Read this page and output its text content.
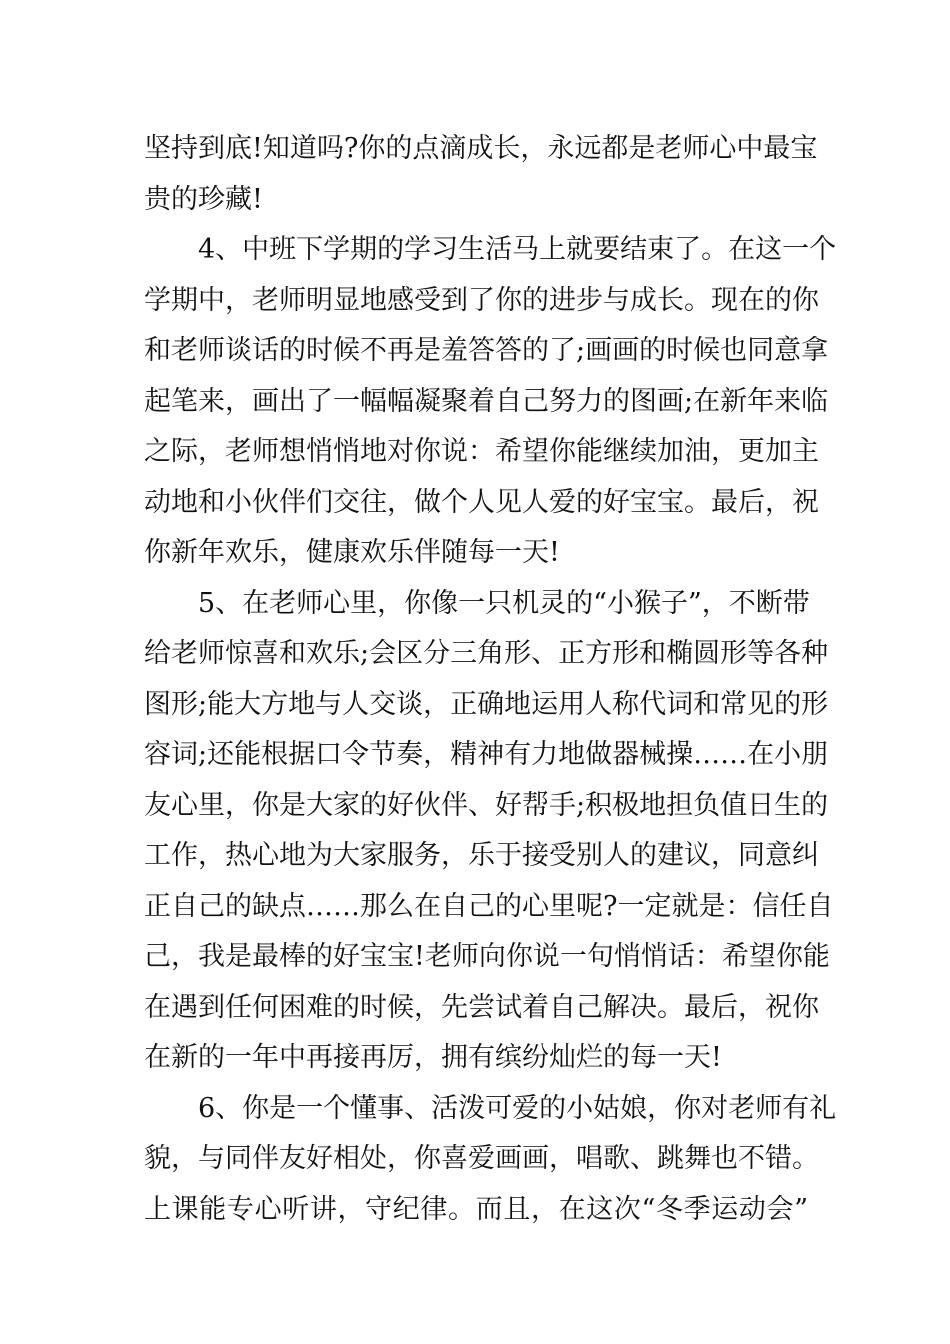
坚持到底!知道吗?你的点滴成长，永远都是老师心中最宝
贵的珍藏!
4、中班下学期的学习生活马上就要结束了。在这一个
学期中，老师明显地感受到了你的进步与成长。现在的你
和老师谈话的时候不再是羞答答的了;画画的时候也同意拿
起笔来，画出了一幅幅凝聚着自己努力的图画;在新年来临
之际，老师想悄悄地对你说：希望你能继续加油，更加主
动地和小伙伴们交往，做个人见人爱的好宝宝。最后，祝
你新年欢乐，健康欢乐伴随每一天!
5、在老师心里，你像一只机灵的“小猴子”，不断带
给老师惊喜和欢乐;会区分三角形、正方形和椭圆形等各种
图形;能大方地与人交谈，正确地运用人称代词和常见的形
容词;还能根据口令节奏，精神有力地做器械操……在小朋
友心里，你是大家的好伙伴、好帮手;积极地担负值日生的
工作，热心地为大家服务，乐于接受别人的建议，同意纠
正自己的缺点……那么在自己的心里呢?一定就是：信任自
己，我是最棒的好宝宝!老师向你说一句悄悄话：希望你能
在遇到任何困难的时候，先尝试着自己解决。最后，祝你
在新的一年中再接再厉，拥有缤纷灿烂的每一天!
6、你是一个懂事、活泼可爱的小姑娘，你对老师有礼
貌，与同伴友好相处，你喜爱画画，唱歌、跳舞也不错。
上课能专心听讲，守纪律。而且，在这次“冬季运动会”
